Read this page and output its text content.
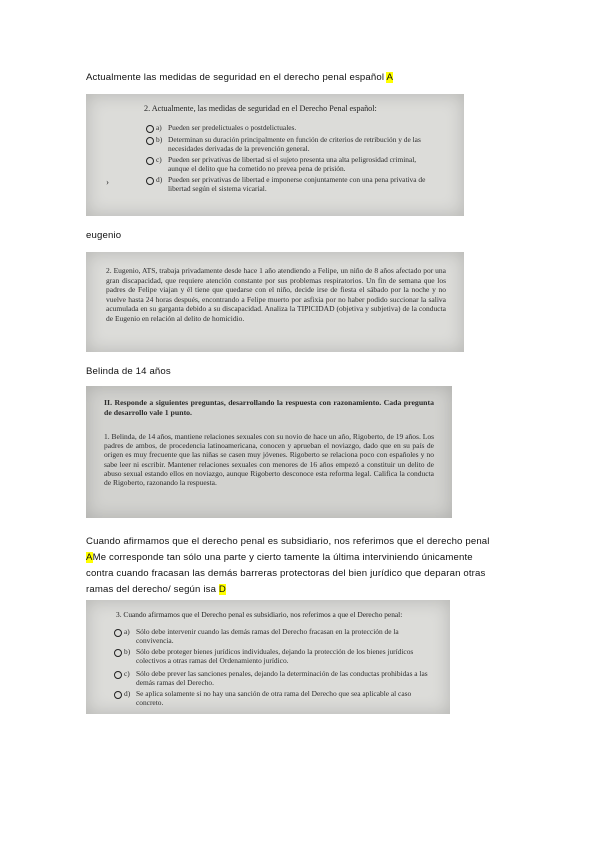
Actualmente las medidas de seguridad en el derecho penal español A
2. Actualmente, las medidas de seguridad en el Derecho Penal español:
a) Pueden ser predelictuales o postdelictuales.
b) Determinan su duración principalmente en función de criterios de retribución y de las necesidades derivadas de la prevención general.
c) Pueden ser privativas de libertad si el sujeto presenta una alta peligrosidad criminal, aunque el delito que ha cometido no prevea pena de prisión.
d) Pueden ser privativas de libertad e imponerse conjuntamente con una pena privativa de libertad según el sistema vicarial.
›
eugenio
2. Eugenio, ATS, trabaja privadamente desde hace 1 año atendiendo a Felipe, un niño de 8 años afectado por una gran discapacidad, que requiere atención constante por sus problemas respiratorios. Un fin de semana que los padres de Felipe viajan y él tiene que quedarse con el niño, decide irse de fiesta el sábado por la noche y no vuelve hasta 24 horas después, encontrando a Felipe muerto por asfixia por no haber podido succionar la saliva acumulada en su garganta debido a su discapacidad. Analiza la TIPICIDAD (objetiva y subjetiva) de la conducta de Eugenio en relación al delito de homicidio.
Belinda de 14 años
II. Responde a siguientes preguntas, desarrollando la respuesta con razonamiento. Cada pregunta de desarrollo vale 1 punto.
1. Belinda, de 14 años, mantiene relaciones sexuales con su novio de hace un año, Rigoberto, de 19 años. Los padres de ambos, de procedencia latinoamericana, conocen y aprueban el noviazgo, dado que en su país de origen es muy frecuente que las niñas se casen muy jóvenes. Rigoberto se relaciona poco con españoles y no sabe leer ni escribir. Mantener relaciones sexuales con menores de 16 años empezó a constituir un delito de abuso sexual estando ellos en noviazgo, aunque Rigoberto desconoce esta reforma legal. Califica la conducta de Rigoberto, razonando la respuesta.
Cuando afirmamos que el derecho penal es subsidiario, nos referimos que el derecho penal
AMe corresponde tan sólo una parte y cierto tamente la última interviniendo únicamente
contra cuando fracasan las demás barreras protectoras del bien jurídico que deparan otras
ramas del derecho/ según isa D
3. Cuando afirmamos que el Derecho penal es subsidiario, nos referimos a que el Derecho penal:
a) Sólo debe intervenir cuando las demás ramas del Derecho fracasan en la protección de la convivencia.
b) Sólo debe proteger bienes jurídicos individuales, dejando la protección de los bienes jurídicos colectivos a otras ramas del Ordenamiento jurídico.
c) Sólo debe prever las sanciones penales, dejando la determinación de las conductas prohibidas a las demás ramas del Derecho.
d) Se aplica solamente si no hay una sanción de otra rama del Derecho que sea aplicable al caso concreto.
